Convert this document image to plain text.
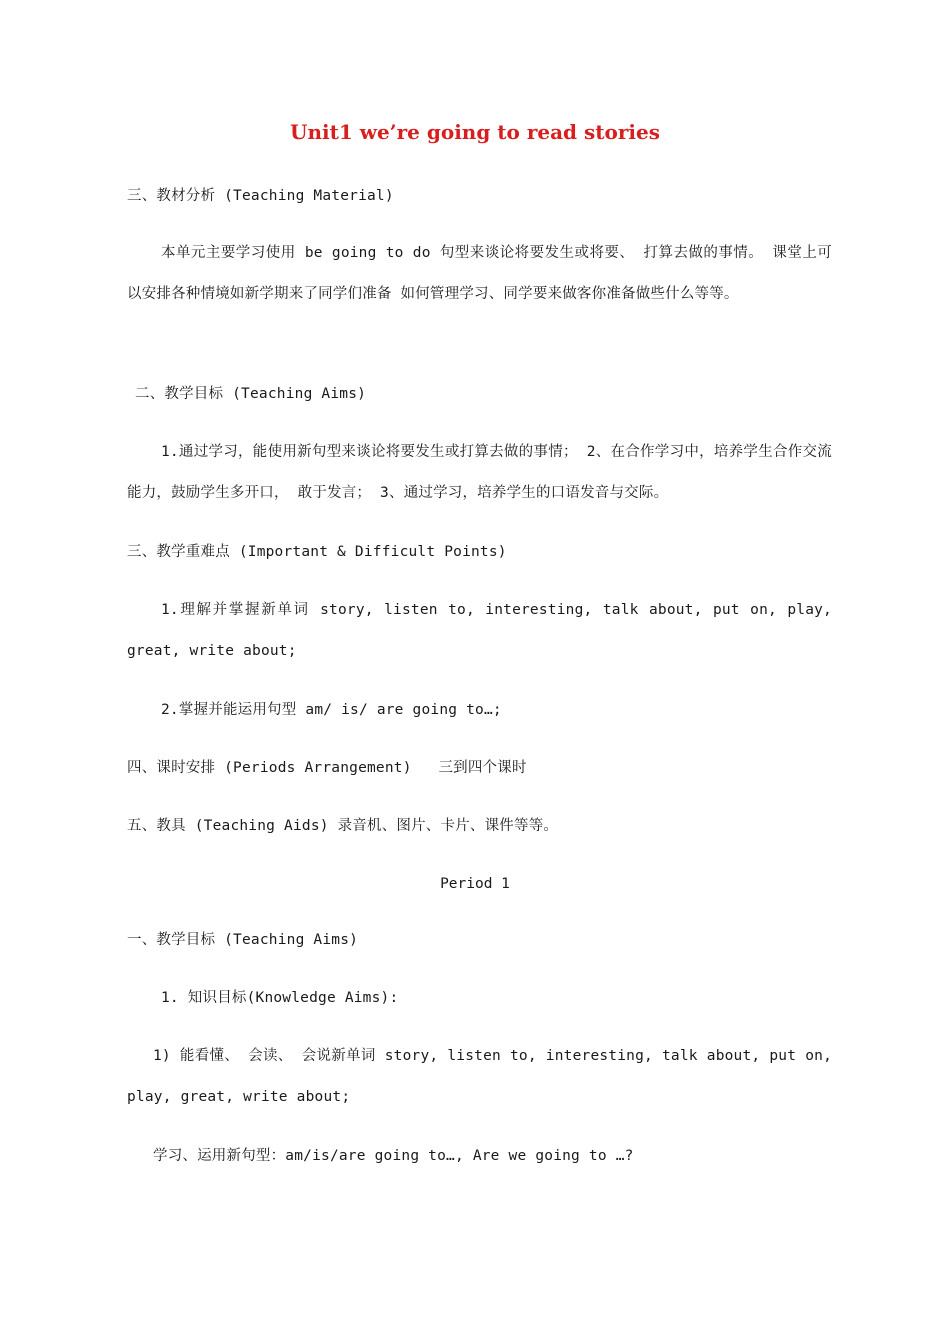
Unit1 we’re going to read stories
三、教材分析 (Teaching Material)
本单元主要学习使用 be going to do 句型来谈论将要发生或将要、 打算去做的事情。 课堂上可以安排各种情境如新学期来了同学们准备 如何管理学习、同学要来做客你准备做些什么等等。
二、教学目标 (Teaching Aims)
1.通过学习，能使用新句型来谈论将要发生或打算去做的事情； 2、在合作学习中，培养学生合作交流能力，鼓励学生多开口， 敢于发言； 3、通过学习，培养学生的口语发音与交际。
三、教学重难点 (Important & Difficult Points)
1.理解并掌握新单词 story, listen to, interesting, talk about, put on, play, great, write about;
2.掌握并能运用句型 am/ is/ are going to…;
四、课时安排 (Periods Arrangement)   三到四个课时
五、教具 (Teaching Aids) 录音机、图片、卡片、课件等等。
Period 1
一、教学目标 (Teaching Aims)
1. 知识目标(Knowledge Aims):
1) 能看懂、 会读、 会说新单词 story, listen to, interesting, talk about, put on, play, great, write about;
学习、运用新句型：am/is/are going to…, Are we going to …?
